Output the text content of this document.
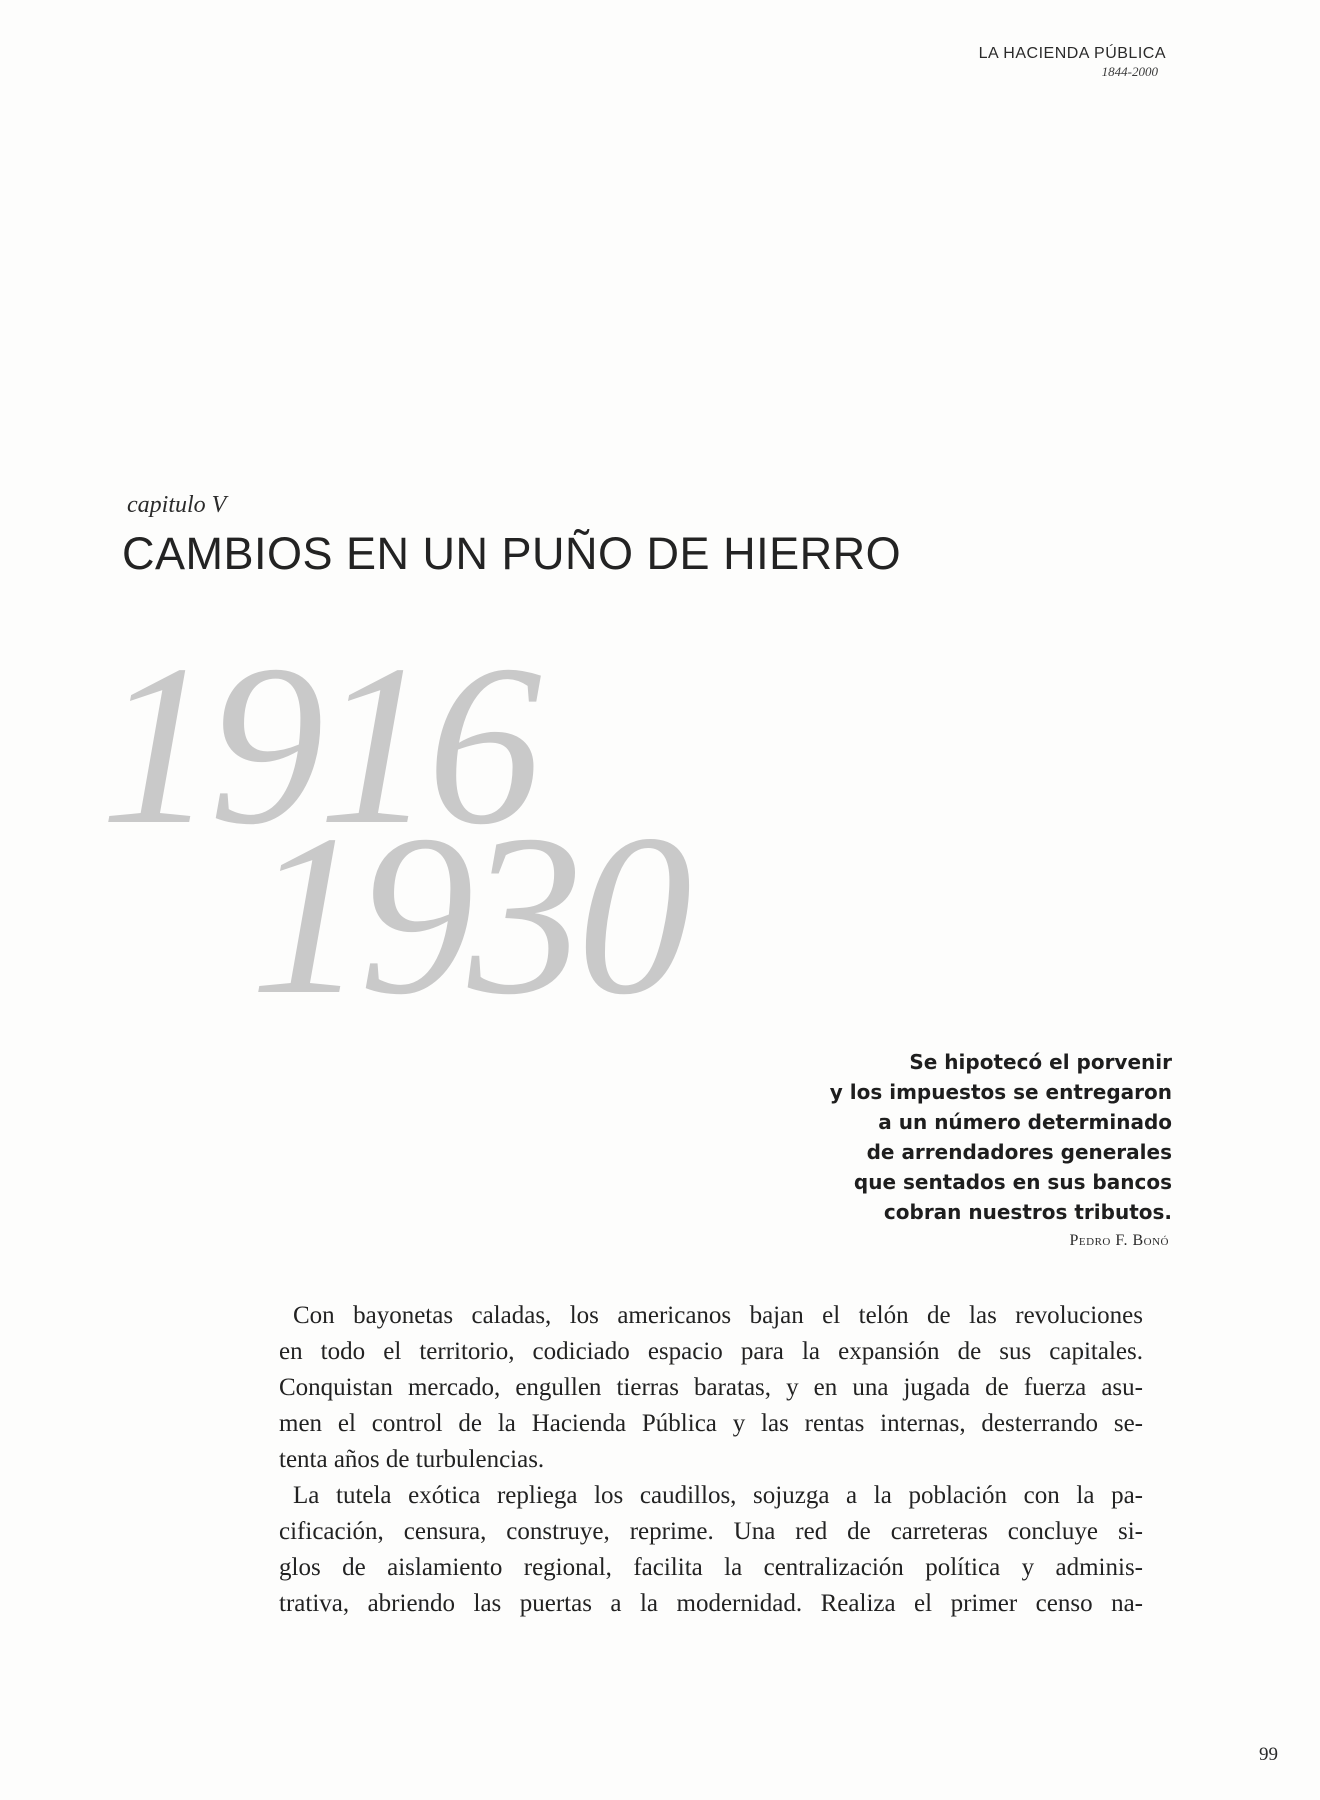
LA HACIENDA PÚBLICA
1844-2000
capitulo V
CAMBIOS EN UN PUÑO DE HIERRO
1916
1930
Se hipotecó el porvenir
y los impuestos se entregaron
a un número determinado
de arrendadores generales
que sentados en sus bancos
cobran nuestros tributos.
Pedro F. Bonó
Con bayonetas caladas, los americanos bajan el telón de las revoluciones
en todo el territorio, codiciado espacio para la expansión de sus capitales.
Conquistan mercado, engullen tierras baratas, y en una jugada de fuerza asu-
men el control de la Hacienda Pública y las rentas internas, desterrando se-
tenta años de turbulencias.
La tutela exótica repliega los caudillos, sojuzga a la población con la pa-
cificación, censura, construye, reprime. Una red de carreteras concluye si-
glos de aislamiento regional, facilita la centralización política y adminis-
trativa, abriendo las puertas a la modernidad. Realiza el primer censo na-
99
